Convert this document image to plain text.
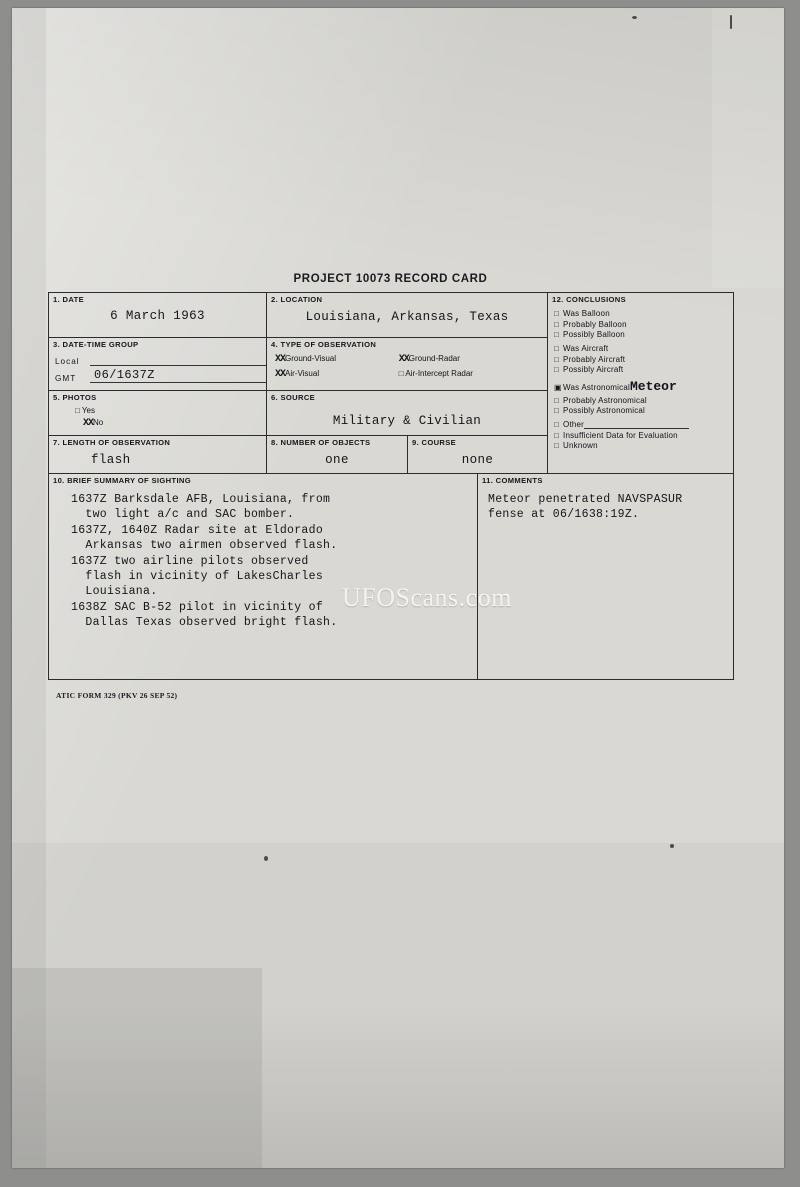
PROJECT 10073 RECORD CARD
1. DATE
6 March 1963

2. LOCATION
Louisiana, Arkansas, Texas

12. CONCLUSIONS
□ Was Balloon
□ Probably Balloon
□ Possibly Balloon
□ Was Aircraft
□ Probably Aircraft
□ Possibly Aircraft
▣Was AstronomicalMeteor
□ Probably Astronomical
□ Possibly Astronomical
□ Other
□ Insufficient Data for Evaluation
□ Unknown

3. DATE-TIME GROUP
Local
GMT	06/1637Z

4. TYPE OF OBSERVATION
XXGround-Visual
XXAir-Visual
XXGround-Radar
□ Air-Intercept Radar

5. PHOTOS
□ Yes
XXNo

6. SOURCE
Military & Civilian

7. LENGTH OF OBSERVATION
flash

8. NUMBER OF OBJECTS
one

9. COURSE
none

10. BRIEF SUMMARY OF SIGHTING
1637Z Barksdale AFB, Louisiana, from
two light a/c and SAC bomber.
1637Z, 1640Z Radar site at Eldorado
Arkansas two airmen observed flash.
1637Z two airline pilots observed
flash in vicinity of LakesCharles
Louisiana.
1638Z SAC B-52 pilot in vicinity of
Dallas Texas observed bright flash.

11. COMMENTS
Meteor penetrated NAVSPASUR
fense at 06/1638:19Z.
ATIC FORM 329 (PKV 26 SEP 52)
UFOScans.com
